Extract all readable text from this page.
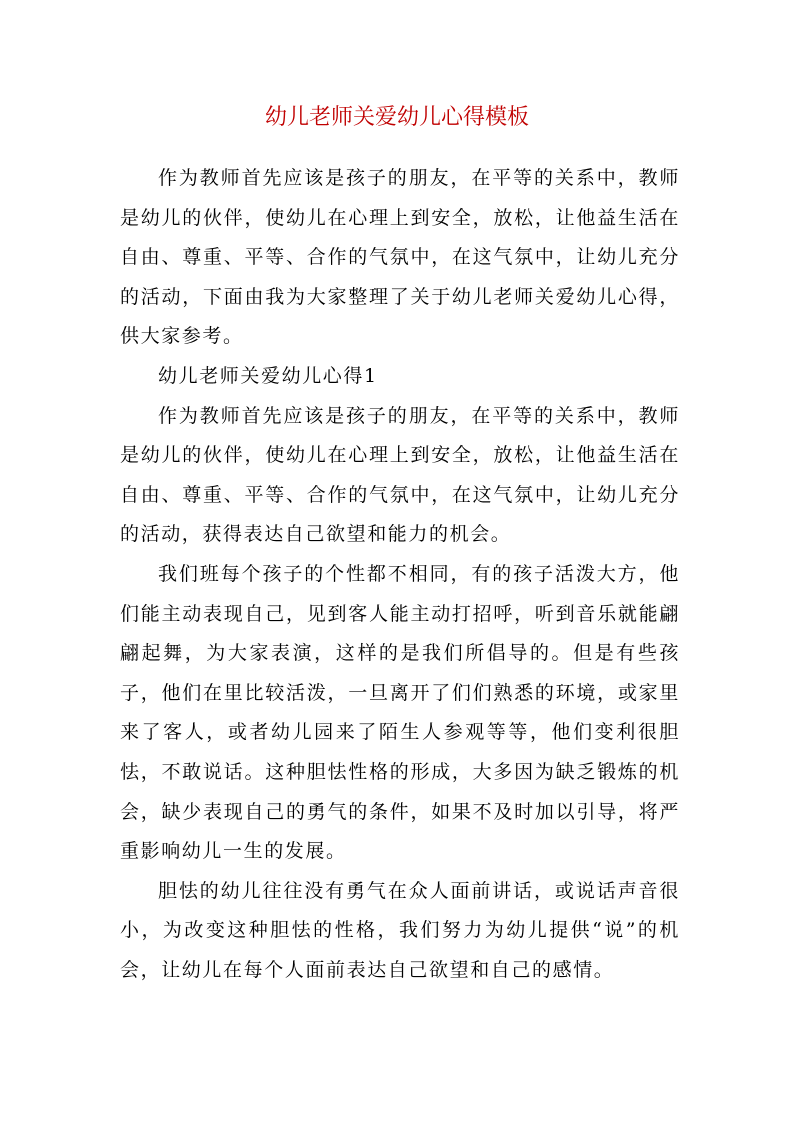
幼儿老师关爱幼儿心得模板

作为教师首先应该是孩子的朋友，在平等的关系中，教师是幼儿的伙伴，使幼儿在心理上到安全，放松，让他益生活在自由、尊重、平等、合作的气氛中，在这气氛中，让幼儿充分的活动，下面由我为大家整理了关于幼儿老师关爱幼儿心得，供大家参考。

幼儿老师关爱幼儿心得1

作为教师首先应该是孩子的朋友，在平等的关系中，教师是幼儿的伙伴，使幼儿在心理上到安全，放松，让他益生活在自由、尊重、平等、合作的气氛中，在这气氛中，让幼儿充分的活动，获得表达自己欲望和能力的机会。

我们班每个孩子的个性都不相同，有的孩子活泼大方，他们能主动表现自己，见到客人能主动打招呼，听到音乐就能翩翩起舞，为大家表演，这样的是我们所倡导的。但是有些孩子，他们在里比较活泼，一旦离开了们们熟悉的环境，或家里来了客人，或者幼儿园来了陌生人参观等等，他们变利很胆怯，不敢说话。这种胆怯性格的形成，大多因为缺乏锻炼的机会，缺少表现自己的勇气的条件，如果不及时加以引导，将严重影响幼儿一生的发展。

胆怯的幼儿往往没有勇气在众人面前讲话，或说话声音很小，为改变这种胆怯的性格，我们努力为幼儿提供“说”的机会，让幼儿在每个人面前表达自己欲望和自己的感情。
